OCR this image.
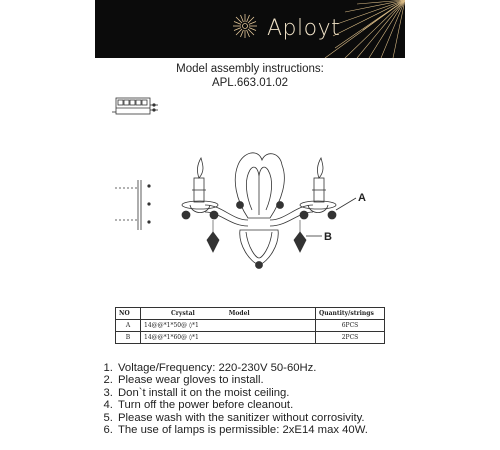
Aployt
Model assembly instructions:
APL.663.01.02
A
B
NO	Crystal Model	Quantity/strings
A	14@@*1*50@ ◊*1	6PCS
B	14@@*1*60@ ◊*1	2PCS
1. Voltage/Frequency: 220-230V 50-60Hz.
2. Please wear gloves to install.
3. Don`t install it on the moist ceiling.
4. Turn off the power before cleanout.
5. Please wash with the sanitizer without corrosivity.
6. The use of lamps is permissible: 2xE14 max 40W.
